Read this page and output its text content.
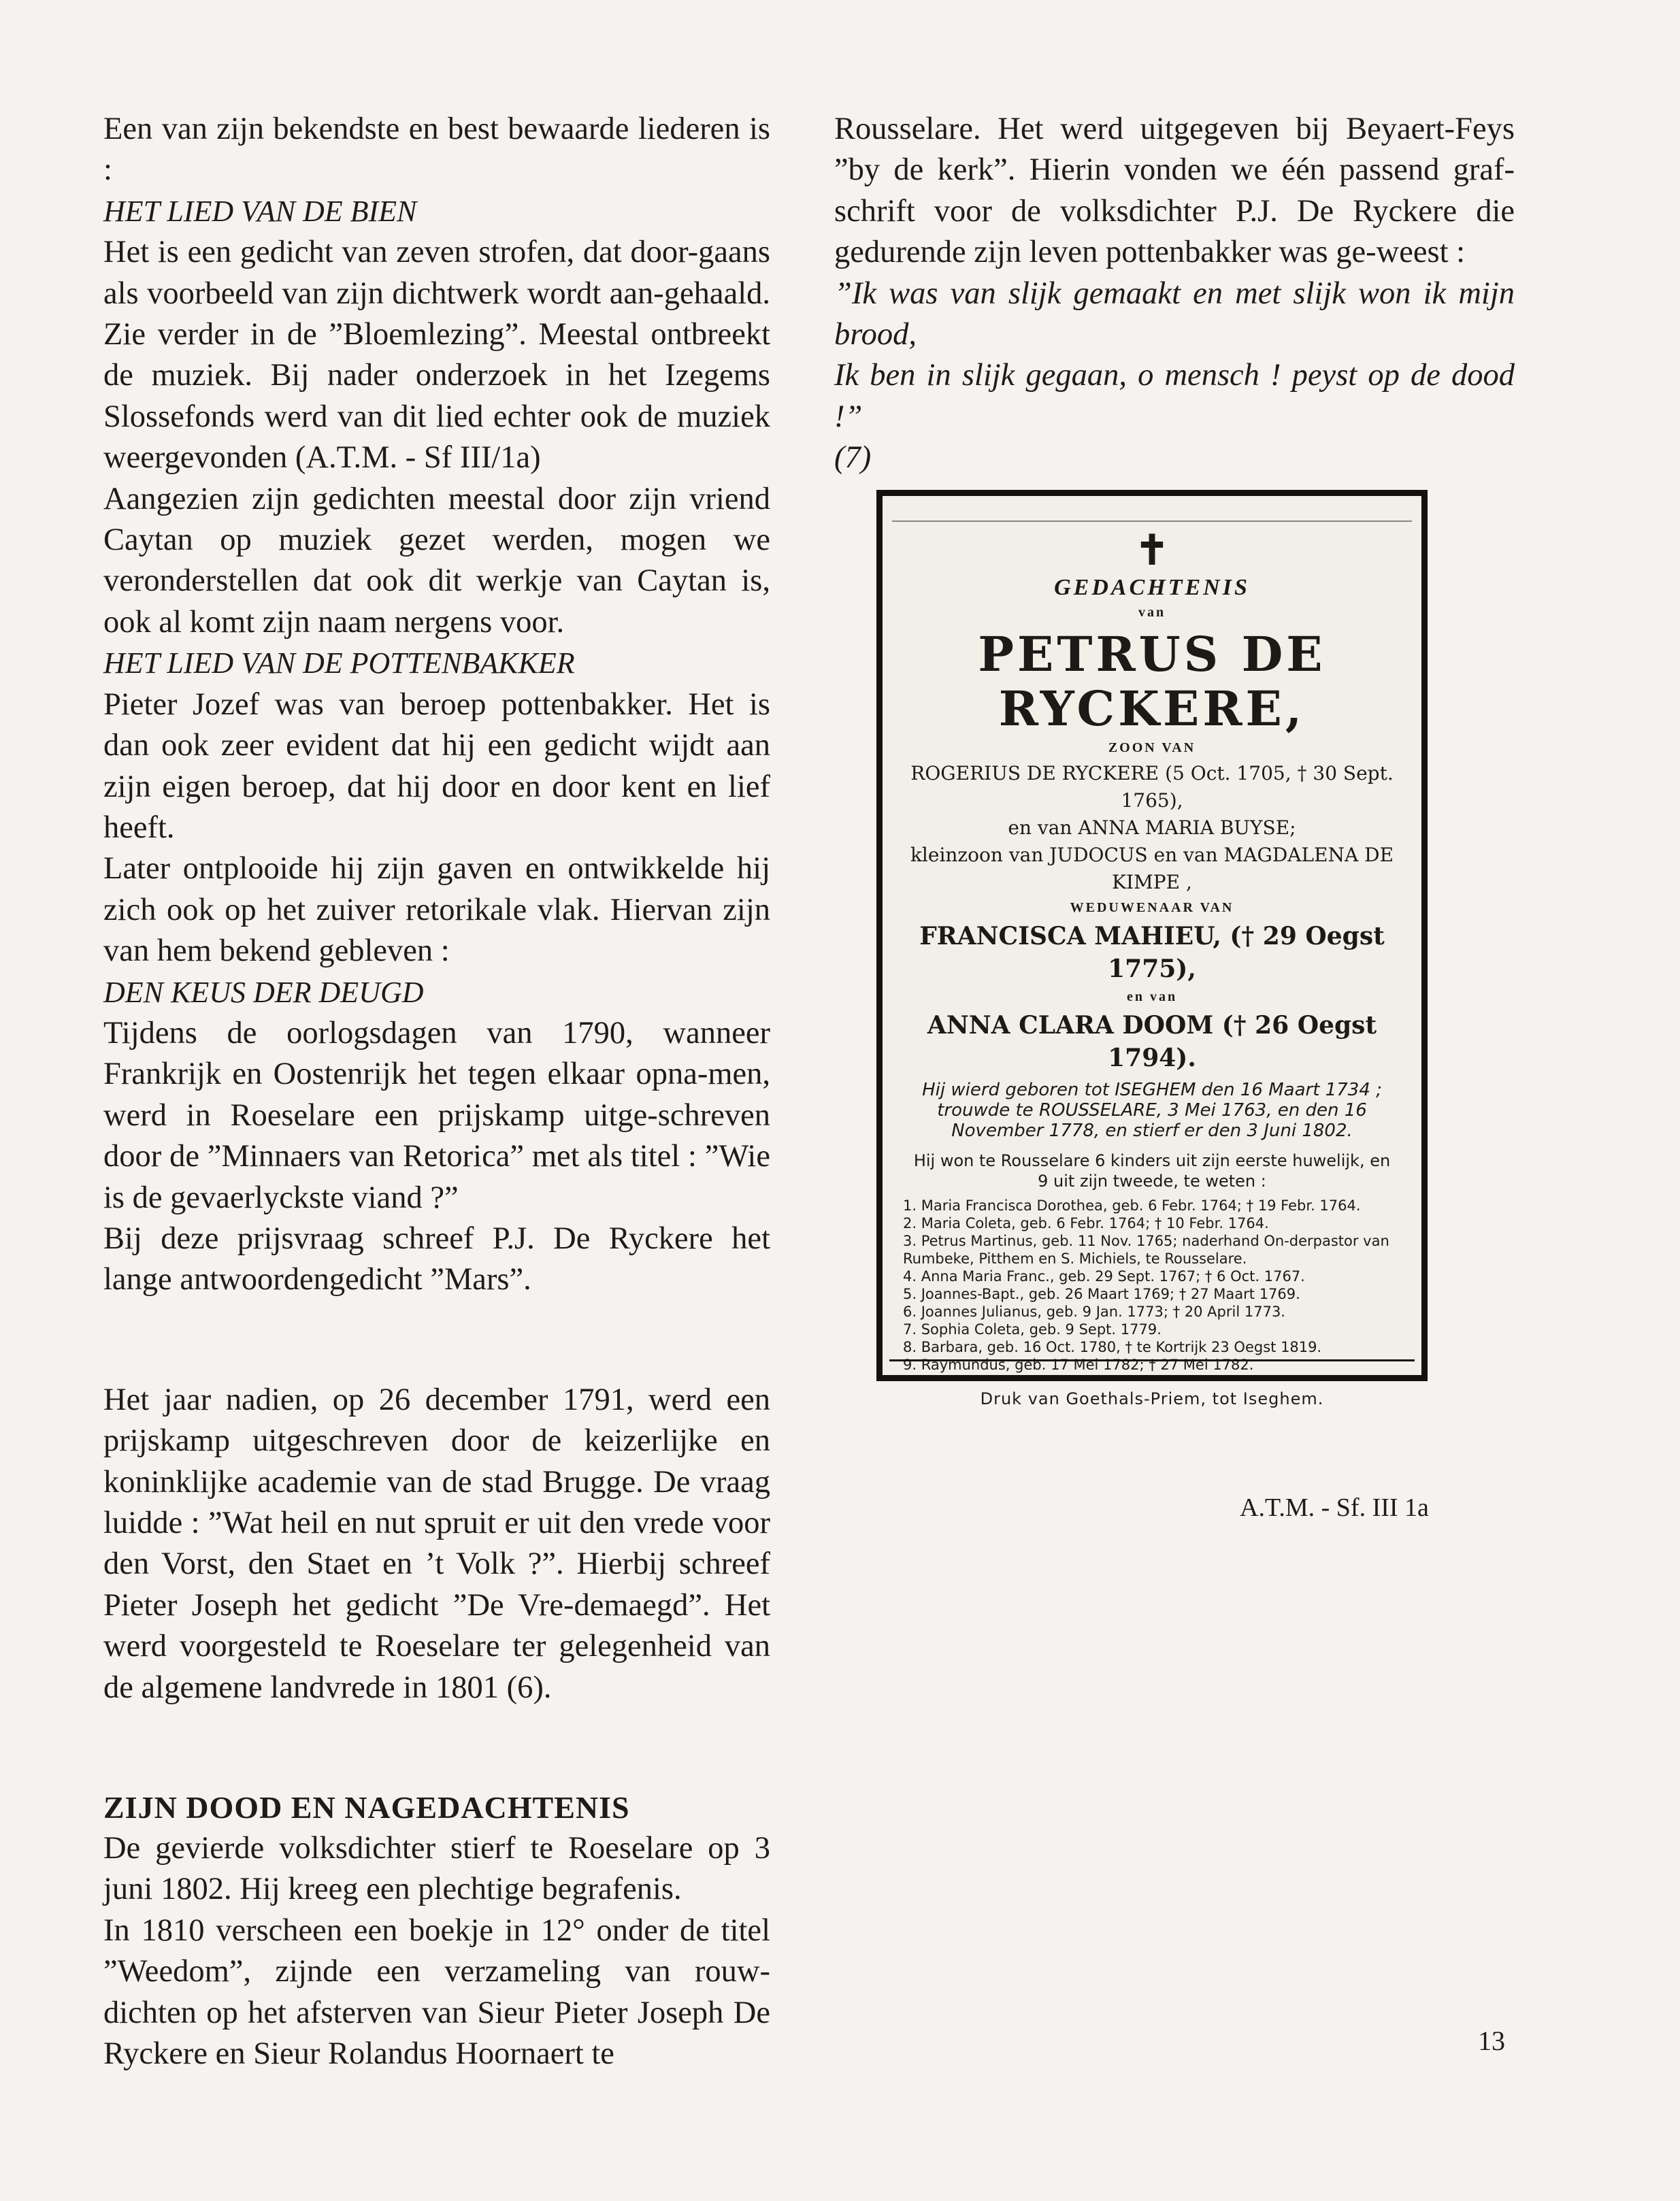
Een van zijn bekendste en best bewaarde liederen is :

HET LIED VAN DE BIEN

Het is een gedicht van zeven strofen, dat door-gaans als voorbeeld van zijn dichtwerk wordt aan-gehaald. Zie verder in de ”Bloemlezing”. Meestal ontbreekt de muziek. Bij nader onderzoek in het Izegems Slossefonds werd van dit lied echter ook de muziek weergevonden (A.T.M. - Sf III/1a)

Aangezien zijn gedichten meestal door zijn vriend Caytan op muziek gezet werden, mogen we veronderstellen dat ook dit werkje van Caytan is, ook al komt zijn naam nergens voor.

HET LIED VAN DE POTTENBAKKER

Pieter Jozef was van beroep pottenbakker. Het is dan ook zeer evident dat hij een gedicht wijdt aan zijn eigen beroep, dat hij door en door kent en lief heeft.

Later ontplooide hij zijn gaven en ontwikkelde hij zich ook op het zuiver retorikale vlak. Hiervan zijn van hem bekend gebleven :

DEN KEUS DER DEUGD

Tijdens de oorlogsdagen van 1790, wanneer Frankrijk en Oostenrijk het tegen elkaar opna-men, werd in Roeselare een prijskamp uitge-schreven door de ”Minnaers van Retorica” met als titel : ”Wie is de gevaerlyckste viand ?”

Bij deze prijsvraag schreef P.J. De Ryckere het lange antwoordengedicht ”Mars”.

Het jaar nadien, op 26 december 1791, werd een prijskamp uitgeschreven door de keizerlijke en koninklijke academie van de stad Brugge. De vraag luidde : ”Wat heil en nut spruit er uit den vrede voor den Vorst, den Staet en ’t Volk ?”. Hierbij schreef Pieter Joseph het gedicht ”De Vre-demaegd”. Het werd voorgesteld te Roeselare ter gelegenheid van de algemene landvrede in 1801 (6).

ZIJN DOOD EN NAGEDACHTENIS

De gevierde volksdichter stierf te Roeselare op 3 juni 1802. Hij kreeg een plechtige begrafenis.

In 1810 verscheen een boekje in 12° onder de titel ”Weedom”, zijnde een verzameling van rouw-dichten op het afsterven van Sieur Pieter Joseph De Ryckere en Sieur Rolandus Hoornaert te

Rousselare. Het werd uitgegeven bij Beyaert-Feys ”by de kerk”. Hierin vonden we één passend graf-schrift voor de volksdichter P.J. De Ryckere die gedurende zijn leven pottenbakker was ge-weest :

”Ik was van slijk gemaakt en met slijk won ik mijn brood,

Ik ben in slijk gegaan, o mensch ! peyst op de dood !”

(7)

✝
GEDACHTENIS
van
PETRUS DE RYCKERE,
ZOON VAN
ROGERIUS DE RYCKERE (5 Oct. 1705, † 30 Sept. 1765),
en van ANNA MARIA BUYSE;
kleinzoon van JUDOCUS en van MAGDALENA DE KIMPE ,
WEDUWENAAR VAN
FRANCISCA MAHIEU, († 29 Oegst 1775),
en van
ANNA CLARA DOOM († 26 Oegst 1794).
Hij wierd geboren tot ISEGHEM den 16 Maart 1734 ; trouwde te ROUSSELARE, 3 Mei 1763, en den 16 November 1778, en stierf er den 3 Juni 1802.
Hij won te Rousselare 6 kinders uit zijn eerste huwelijk, en 9 uit zijn tweede, te weten :
1. Maria Francisca Dorothea, geb. 6 Febr. 1764; † 19 Febr. 1764.
2. Maria Coleta, geb. 6 Febr. 1764; † 10 Febr. 1764.
3. Petrus Martinus, geb. 11 Nov. 1765; naderhand On-derpastor van Rumbeke, Pitthem en S. Michiels, te Rousselare.
4. Anna Maria Franc., geb. 29 Sept. 1767; † 6 Oct. 1767.
5. Joannes-Bapt., geb. 26 Maart 1769; † 27 Maart 1769.
6. Joannes Julianus, geb. 9 Jan. 1773; † 20 April 1773.
7. Sophia Coleta, geb. 9 Sept. 1779.
8. Barbara, geb. 16 Oct. 1780, † te Kortrijk 23 Oegst 1819.
9. Raymundus, geb. 17 Mei 1782; † 27 Mei 1782.
Druk van Goethals-Priem, tot Iseghem.
A.T.M. - Sf. III 1a
13
